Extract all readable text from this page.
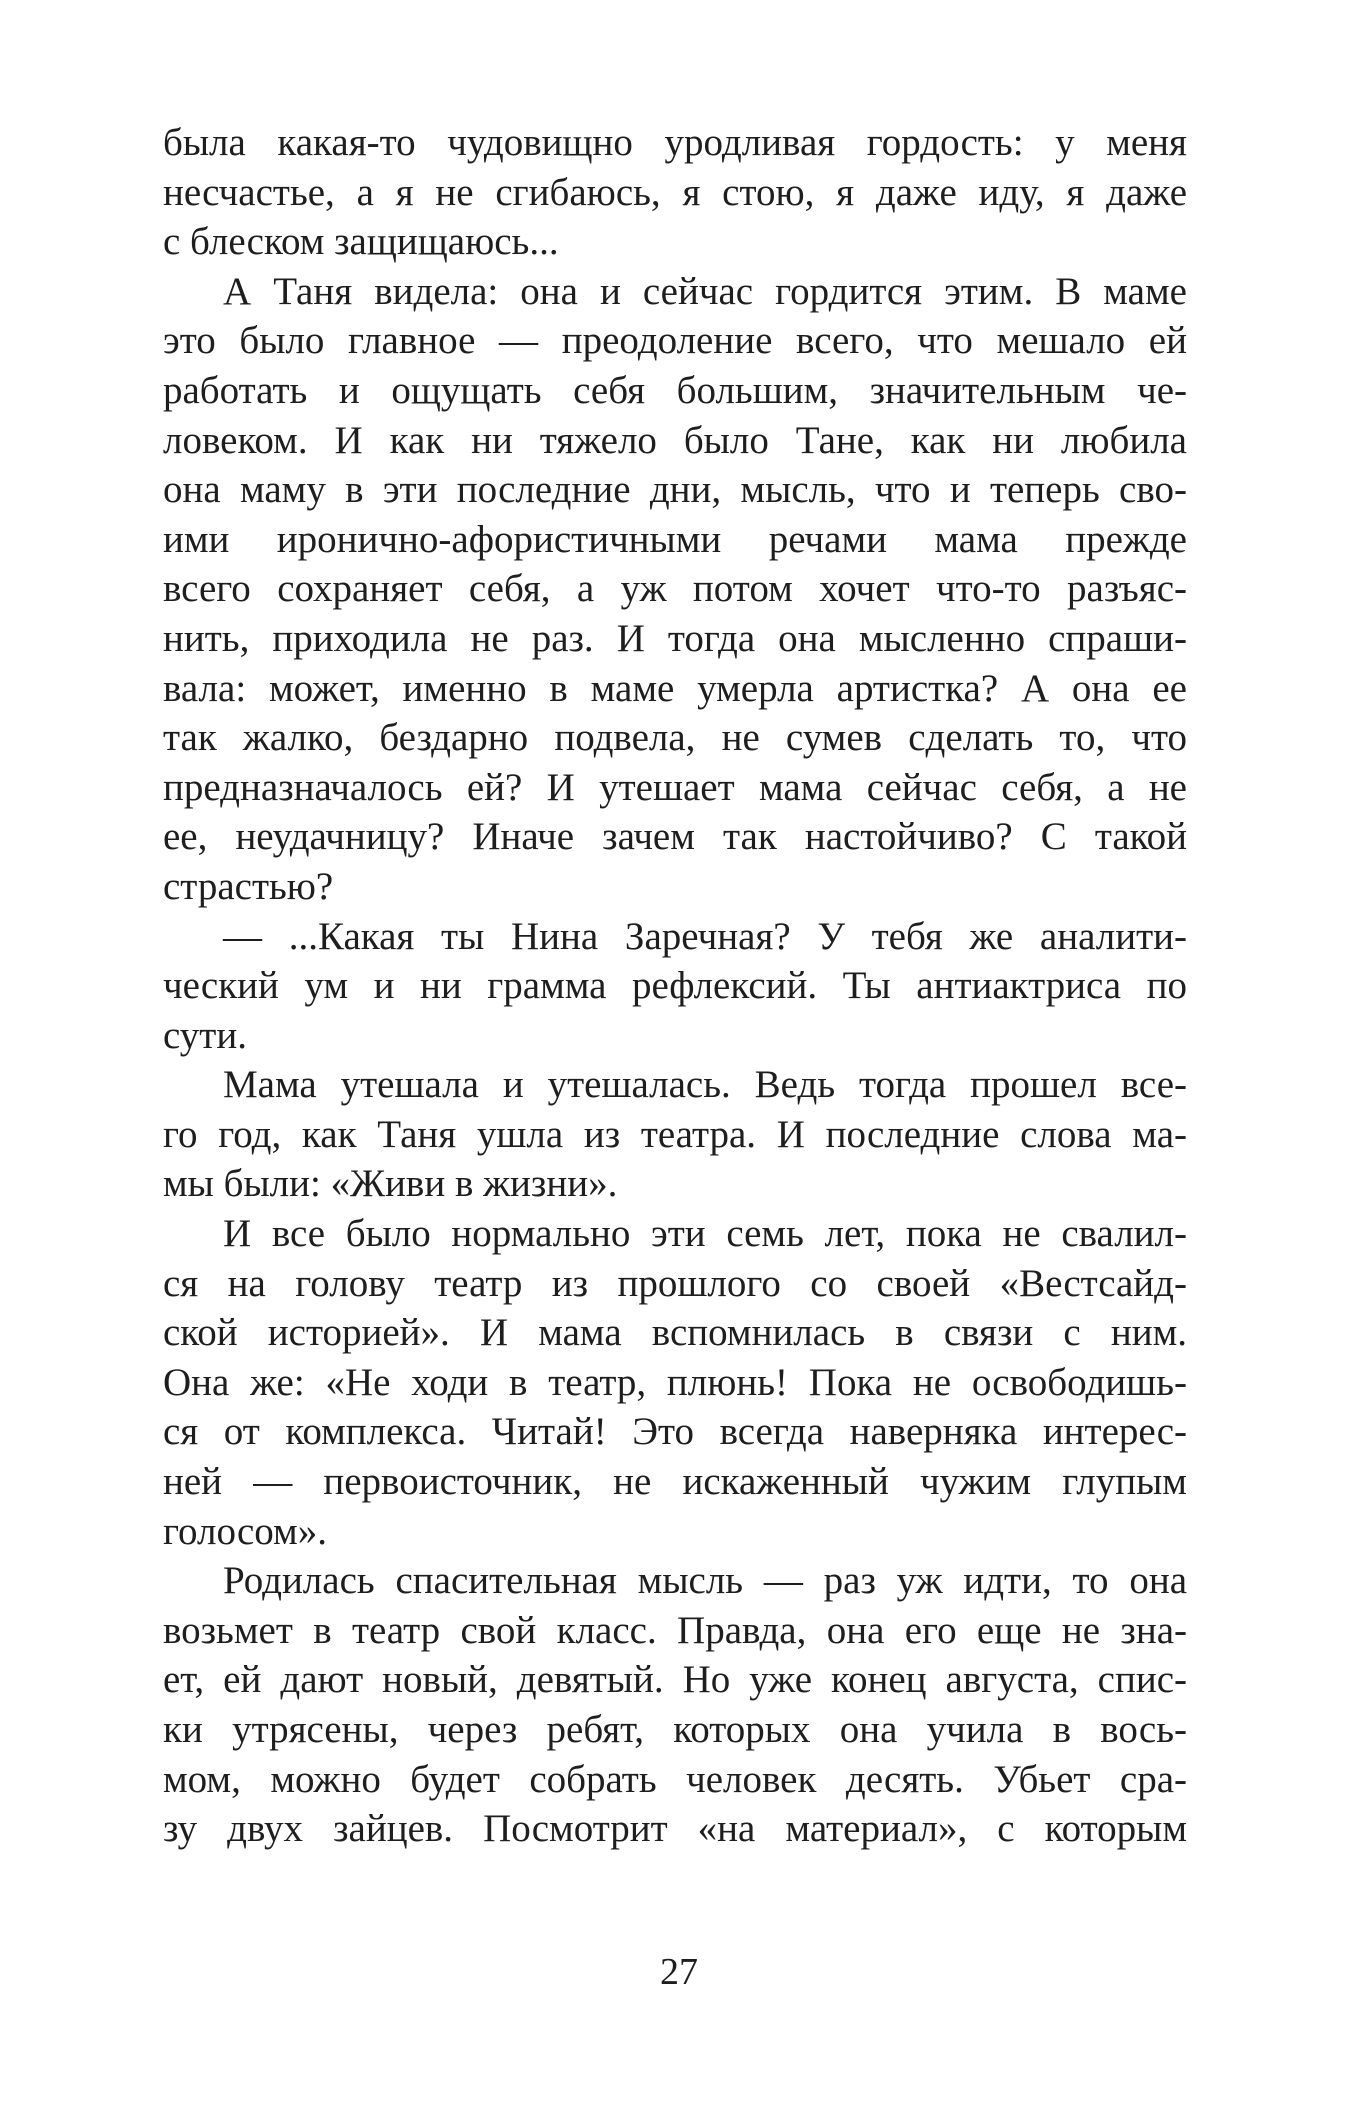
была какая-то чудовищно уродливая гордость: у меня
несчастье, а я не сгибаюсь, я стою, я даже иду, я даже
с блеском защищаюсь...
А Таня видела: она и сейчас гордится этим. В маме
это было главное — преодоление всего, что мешало ей
работать и ощущать себя большим, значительным че-
ловеком. И как ни тяжело было Тане, как ни любила
она маму в эти последние дни, мысль, что и теперь сво-
ими иронично-афористичными речами мама прежде
всего сохраняет себя, а уж потом хочет что-то разъяс-
нить, приходила не раз. И тогда она мысленно спраши-
вала: может, именно в маме умерла артистка? А она ее
так жалко, бездарно подвела, не сумев сделать то, что
предназначалось ей? И утешает мама сейчас себя, а не
ее, неудачницу? Иначе зачем так настойчиво? С такой
страстью?
— ...Какая ты Нина Заречная? У тебя же аналити-
ческий ум и ни грамма рефлексий. Ты антиактриса по
сути.
Мама утешала и утешалась. Ведь тогда прошел все-
го год, как Таня ушла из театра. И последние слова ма-
мы были: «Живи в жизни».
И все было нормально эти семь лет, пока не свалил-
ся на голову театр из прошлого со своей «Вестсайд-
ской историей». И мама вспомнилась в связи с ним.
Она же: «Не ходи в театр, плюнь! Пока не освободишь-
ся от комплекса. Читай! Это всегда наверняка интерес-
ней — первоисточник, не искаженный чужим глупым
голосом».
Родилась спасительная мысль — раз уж идти, то она
возьмет в театр свой класс. Правда, она его еще не зна-
ет, ей дают новый, девятый. Но уже конец августа, спис-
ки утрясены, через ребят, которых она учила в вось-
мом, можно будет собрать человек десять. Убьет сра-
зу двух зайцев. Посмотрит «на материал», с которым
27
